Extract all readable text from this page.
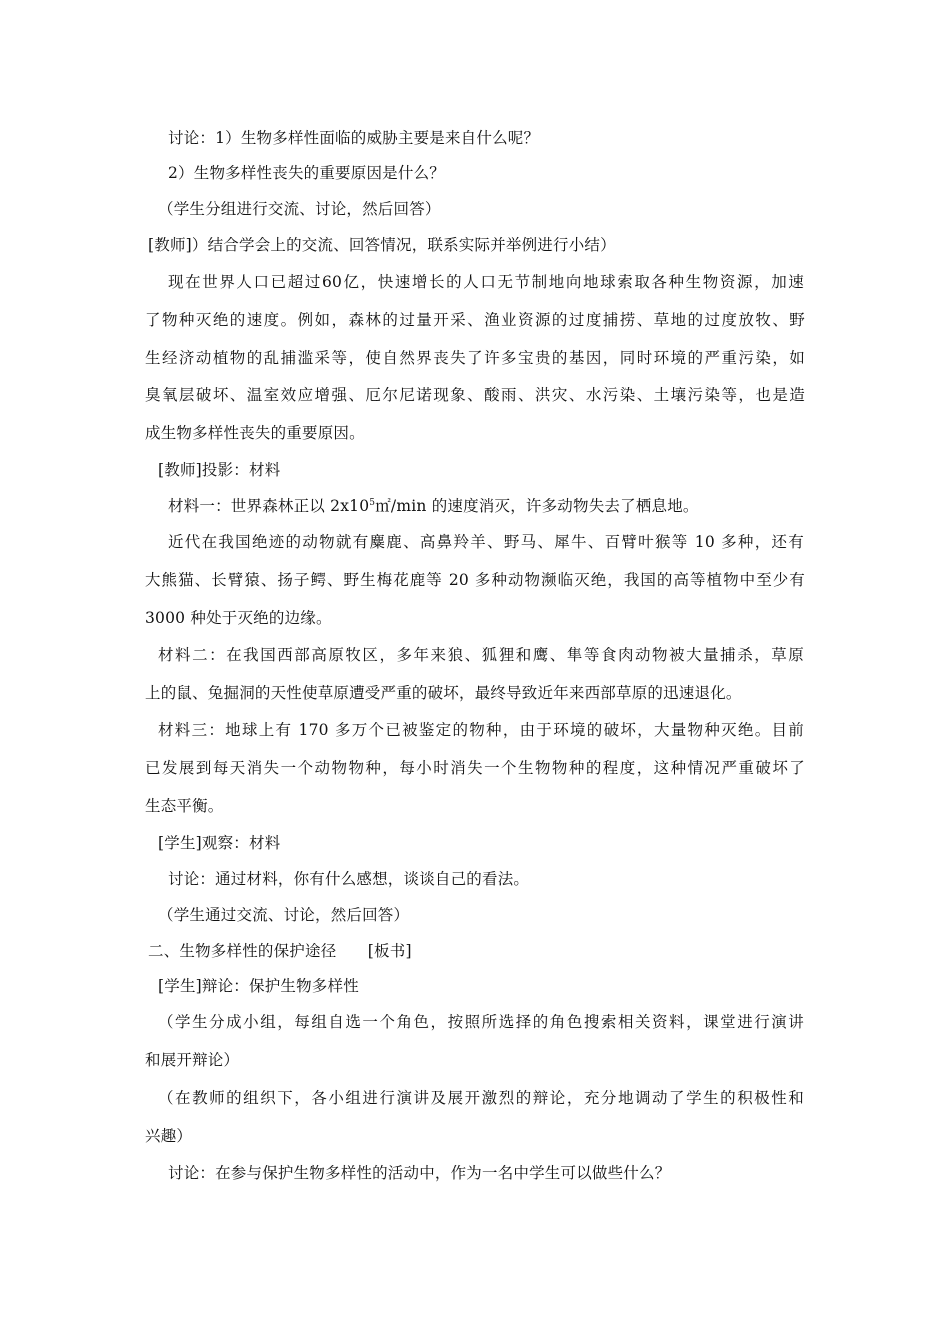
讨论：1）生物多样性面临的威胁主要是来自什么呢？
2）生物多样性丧失的重要原因是什么？
（学生分组进行交流、讨论，然后回答）
[教师]）结合学会上的交流、回答情况，联系实际并举例进行小结）
现在世界人口已超过60亿，快速增长的人口无节制地向地球索取各种生物资源，加速
了物种灭绝的速度。例如，森林的过量开采、渔业资源的过度捕捞、草地的过度放牧、野
生经济动植物的乱捕滥采等，使自然界丧失了许多宝贵的基因，同时环境的严重污染，如
臭氧层破坏、温室效应增强、厄尔尼诺现象、酸雨、洪灾、水污染、土壤污染等，也是造
成生物多样性丧失的重要原因。
[教师]投影：材料
材料一：世界森林正以 $2x10^5㎡/\min$ 的速度消灭，许多动物失去了栖息地。
近代在我国绝迹的动物就有麋鹿、高鼻羚羊、野马、犀牛、百臂叶猴等 10 多种，还有
大熊猫、长臂猿、扬子鳄、野生梅花鹿等 20 多种动物濒临灭绝，我国的高等植物中至少有
3000 种处于灭绝的边缘。
材料二：在我国西部高原牧区，多年来狼、狐狸和鹰、隼等食肉动物被大量捕杀，草原
上的鼠、兔掘洞的天性使草原遭受严重的破坏，最终导致近年来西部草原的迅速退化。
材料三：地球上有 170 多万个已被鉴定的物种，由于环境的破坏，大量物种灭绝。目前
已发展到每天消失一个动物物种，每小时消失一个生物物种的程度，这种情况严重破坏了
生态平衡。
[学生]观察：材料
讨论：通过材料，你有什么感想，谈谈自己的看法。
（学生通过交流、讨论，然后回答）
二、生物多样性的保护途径　　[板书]
[学生]辩论：保护生物多样性
（学生分成小组，每组自选一个角色，按照所选择的角色搜索相关资料，课堂进行演讲
和展开辩论）
（在教师的组织下，各小组进行演讲及展开激烈的辩论，充分地调动了学生的积极性和
兴趣）
讨论：在参与保护生物多样性的活动中，作为一名中学生可以做些什么？
